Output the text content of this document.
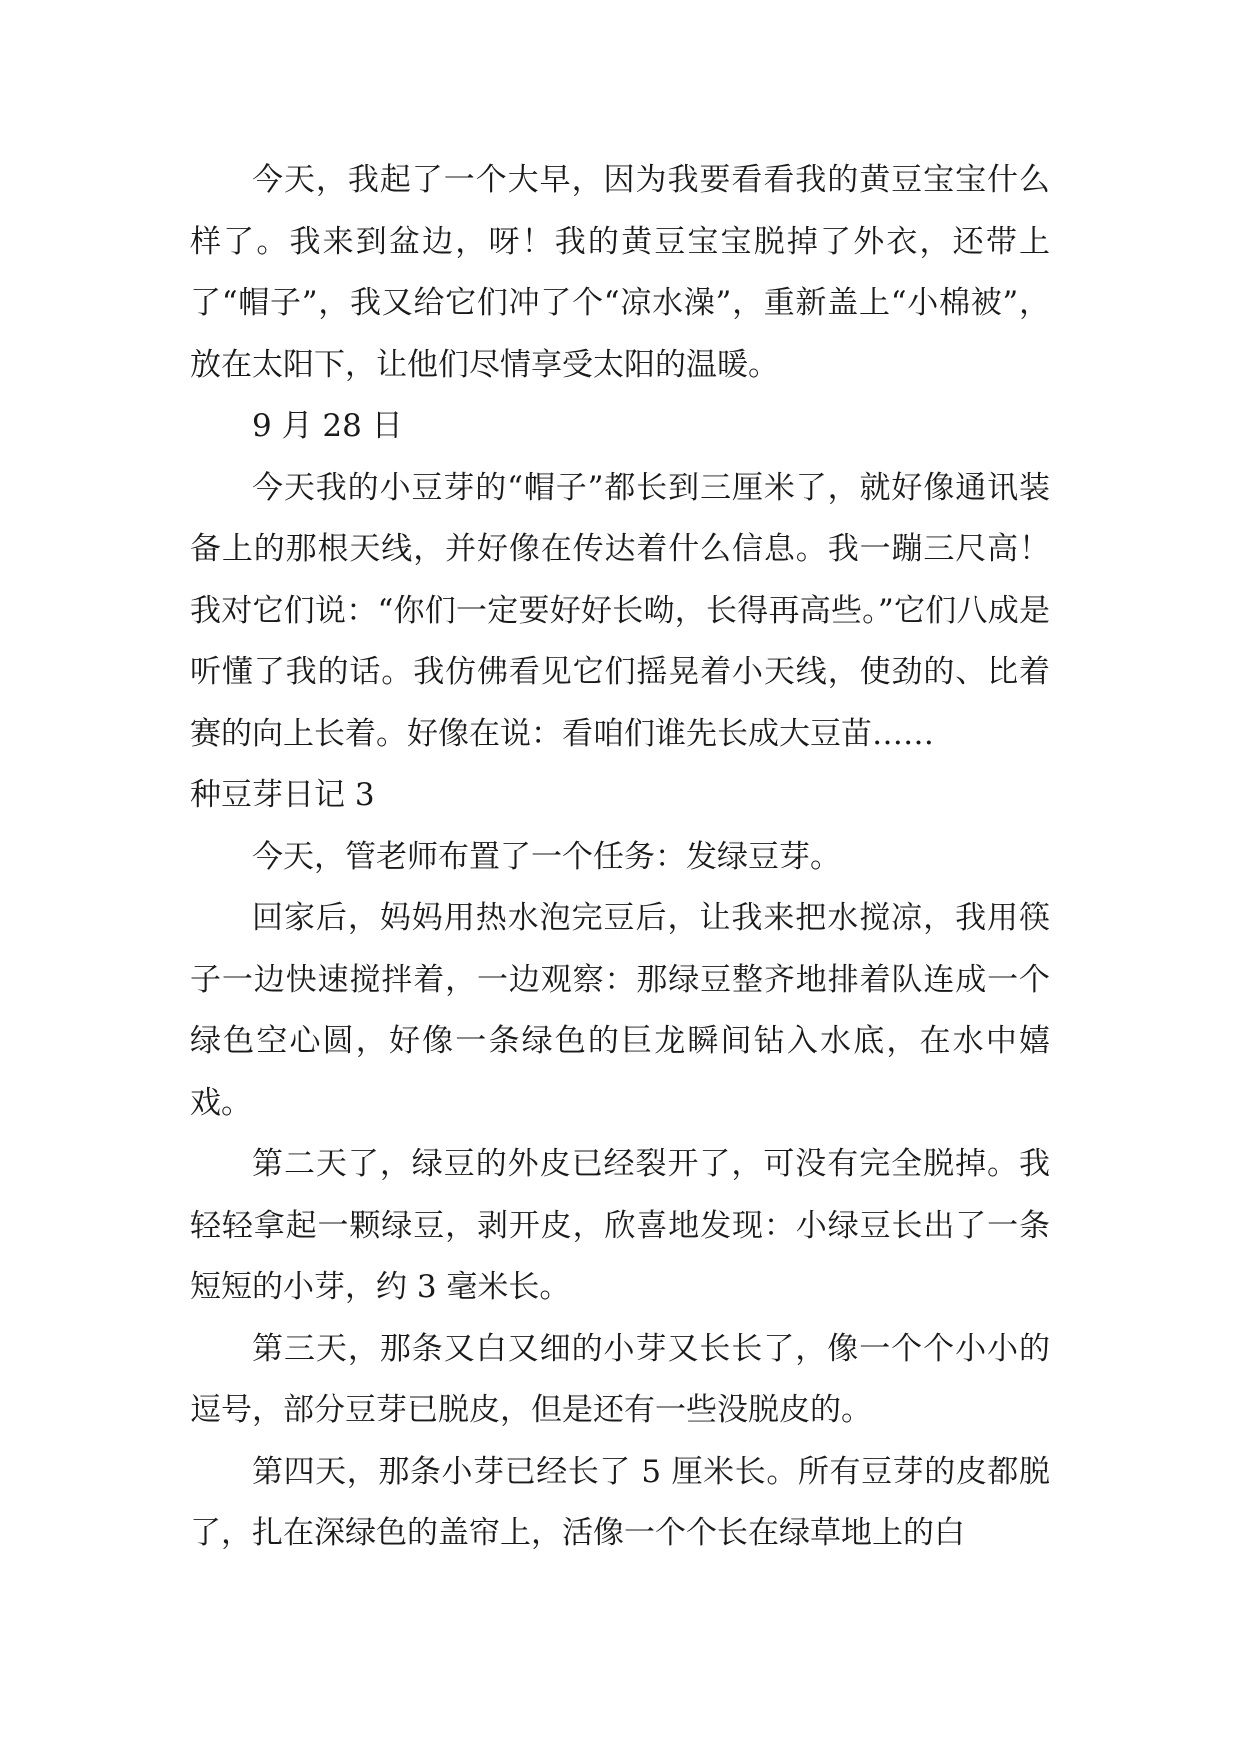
今天，我起了一个大早，因为我要看看我的黄豆宝宝什么样了。我来到盆边，呀！我的黄豆宝宝脱掉了外衣，还带上了“帽子”，我又给它们冲了个“凉水澡”，重新盖上“小棉被”，放在太阳下，让他们尽情享受太阳的温暖。

9 月 28 日

今天我的小豆芽的“帽子”都长到三厘米了，就好像通讯装备上的那根天线，并好像在传达着什么信息。我一蹦三尺高！我对它们说：“你们一定要好好长呦，长得再高些。”它们八成是听懂了我的话。我仿佛看见它们摇晃着小天线，使劲的、比着赛的向上长着。好像在说：看咱们谁先长成大豆苗……

种豆芽日记 3

今天，管老师布置了一个任务：发绿豆芽。

回家后，妈妈用热水泡完豆后，让我来把水搅凉，我用筷子一边快速搅拌着，一边观察：那绿豆整齐地排着队连成一个绿色空心圆，好像一条绿色的巨龙瞬间钻入水底，在水中嬉戏。

第二天了，绿豆的外皮已经裂开了，可没有完全脱掉。我轻轻拿起一颗绿豆，剥开皮，欣喜地发现：小绿豆长出了一条短短的小芽，约 3 毫米长。

第三天，那条又白又细的小芽又长长了，像一个个小小的逗号，部分豆芽已脱皮，但是还有一些没脱皮的。

第四天，那条小芽已经长了 5 厘米长。所有豆芽的皮都脱了，扎在深绿色的盖帘上，活像一个个长在绿草地上的白
